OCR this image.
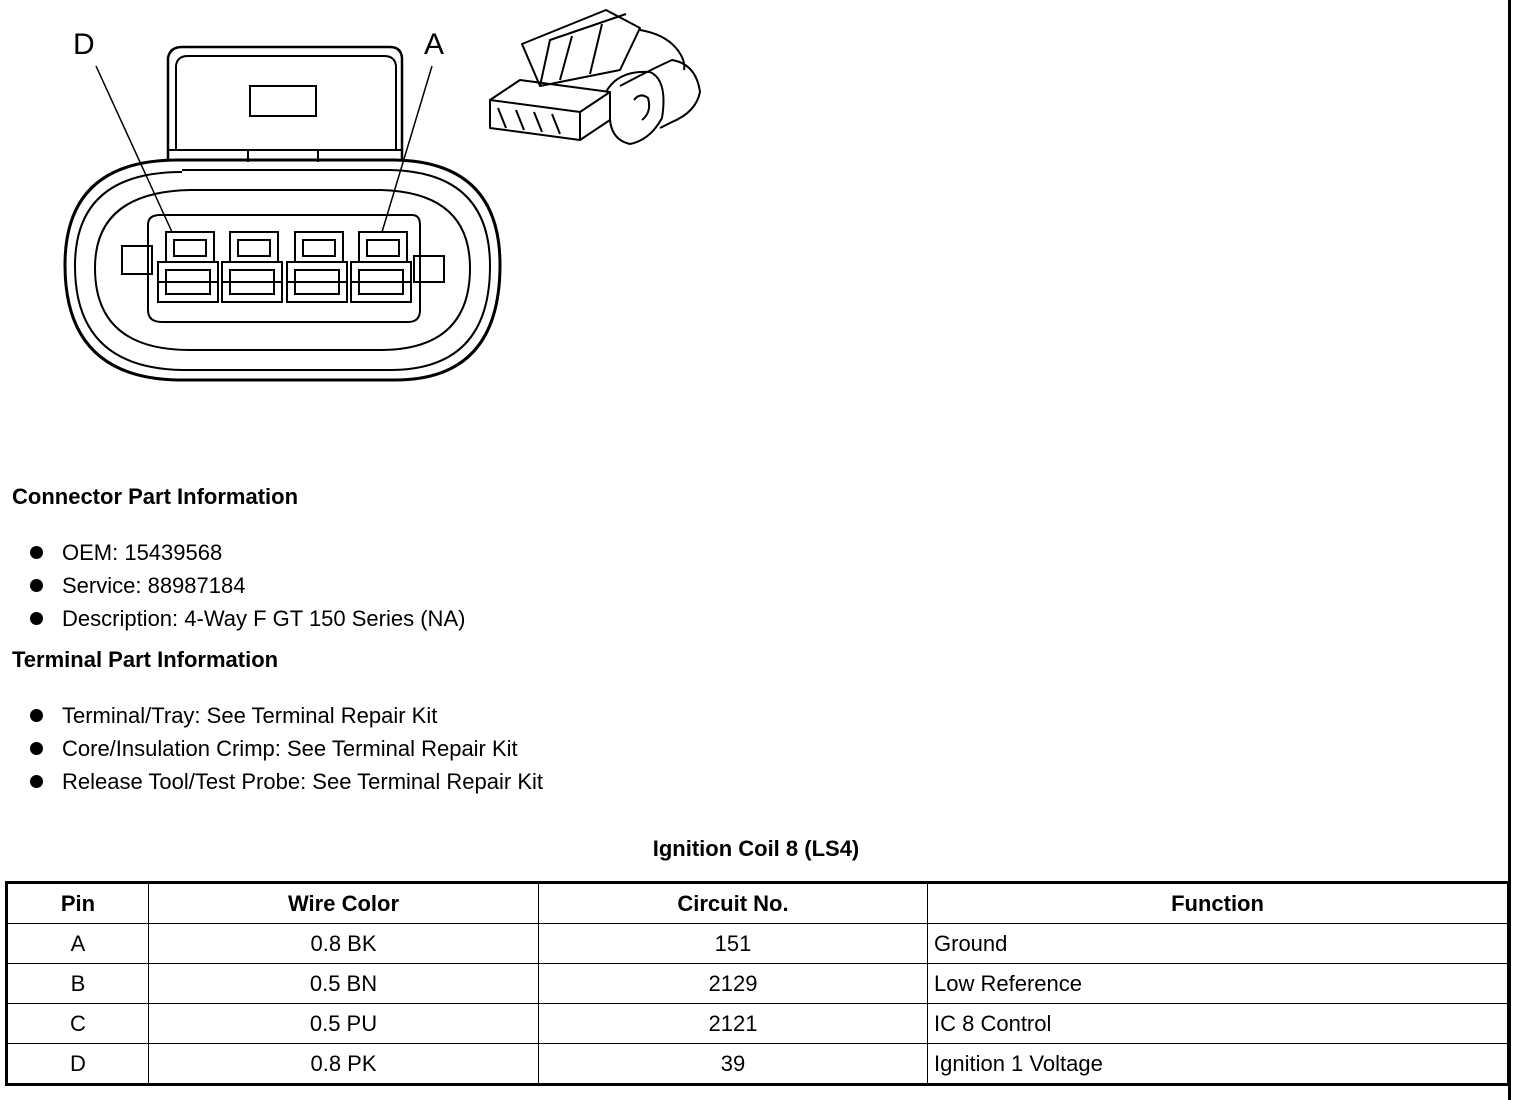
D	A
Connector Part Information
OEM: 15439568
Service: 88987184
Description: 4-Way F GT 150 Series (NA)
Terminal Part Information
Terminal/Tray: See Terminal Repair Kit
Core/Insulation Crimp: See Terminal Repair Kit
Release Tool/Test Probe: See Terminal Repair Kit
Ignition Coil 8 (LS4)
Pin	Wire Color	Circuit No.	Function
A	0.8 BK	151	Ground
B	0.5 BN	2129	Low Reference
C	0.5 PU	2121	IC 8 Control
D	0.8 PK	39	Ignition 1 Voltage
